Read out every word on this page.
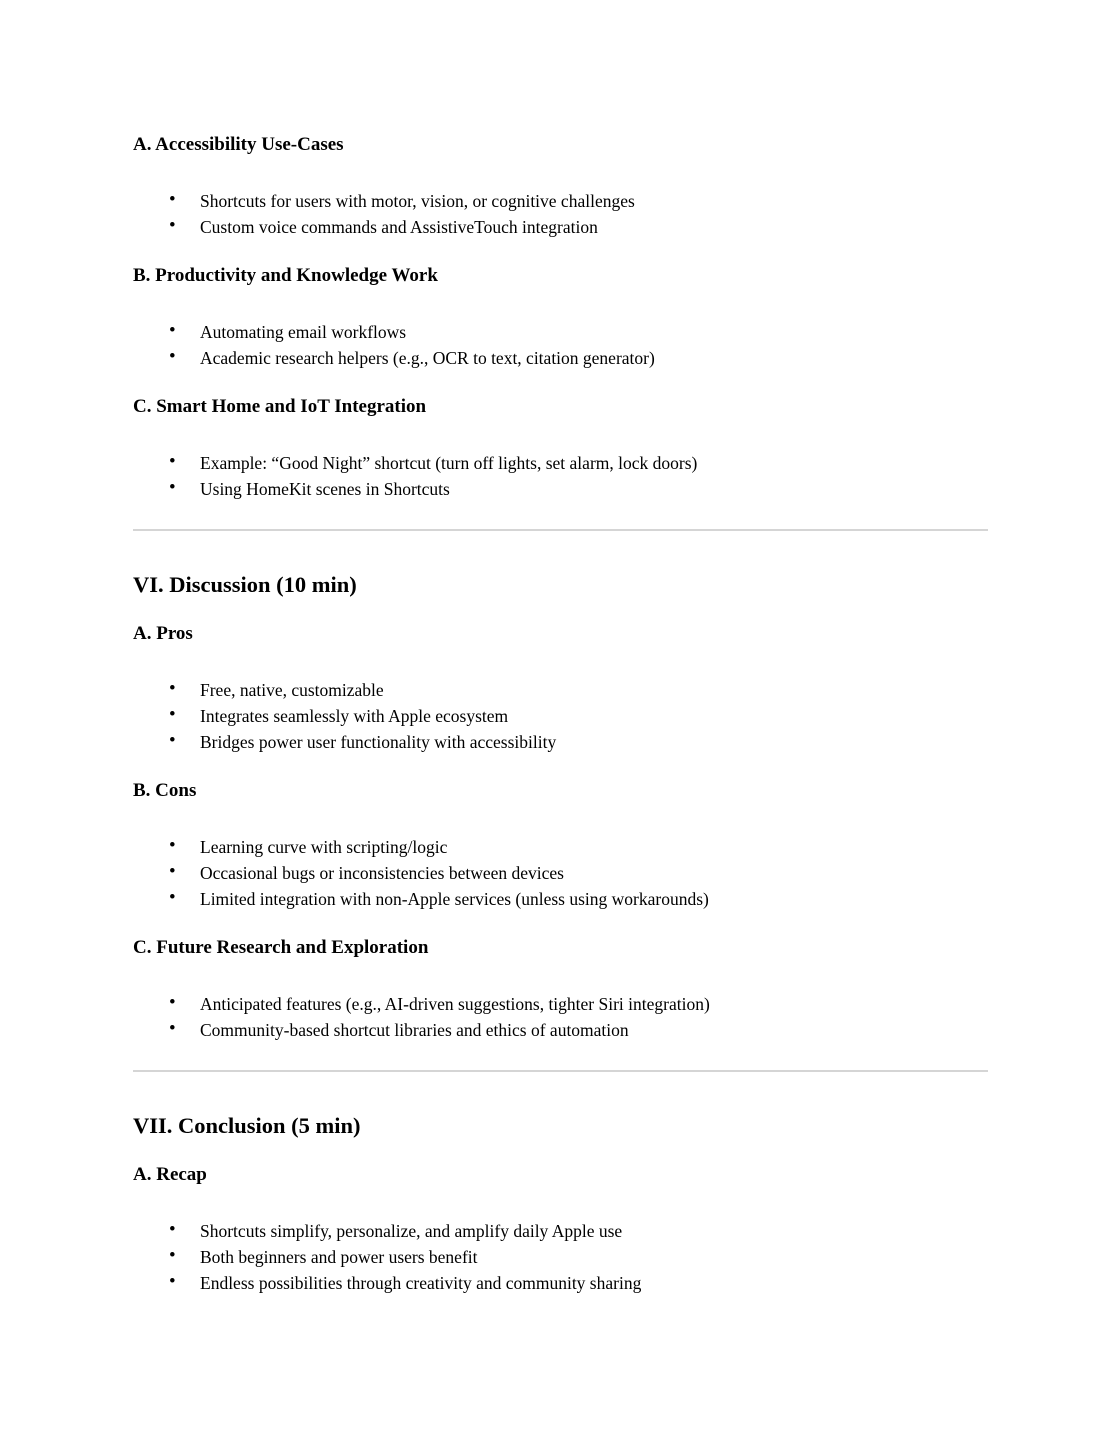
A. Accessibility Use-Cases
• Shortcuts for users with motor, vision, or cognitive challenges
• Custom voice commands and AssistiveTouch integration
B. Productivity and Knowledge Work
• Automating email workflows
• Academic research helpers (e.g., OCR to text, citation generator)
C. Smart Home and IoT Integration
• Example: “Good Night” shortcut (turn off lights, set alarm, lock doors)
• Using HomeKit scenes in Shortcuts
VI. Discussion (10 min)
A. Pros
• Free, native, customizable
• Integrates seamlessly with Apple ecosystem
• Bridges power user functionality with accessibility
B. Cons
• Learning curve with scripting/logic
• Occasional bugs or inconsistencies between devices
• Limited integration with non-Apple services (unless using workarounds)
C. Future Research and Exploration
• Anticipated features (e.g., AI-driven suggestions, tighter Siri integration)
• Community-based shortcut libraries and ethics of automation
VII. Conclusion (5 min)
A. Recap
• Shortcuts simplify, personalize, and amplify daily Apple use
• Both beginners and power users benefit
• Endless possibilities through creativity and community sharing
